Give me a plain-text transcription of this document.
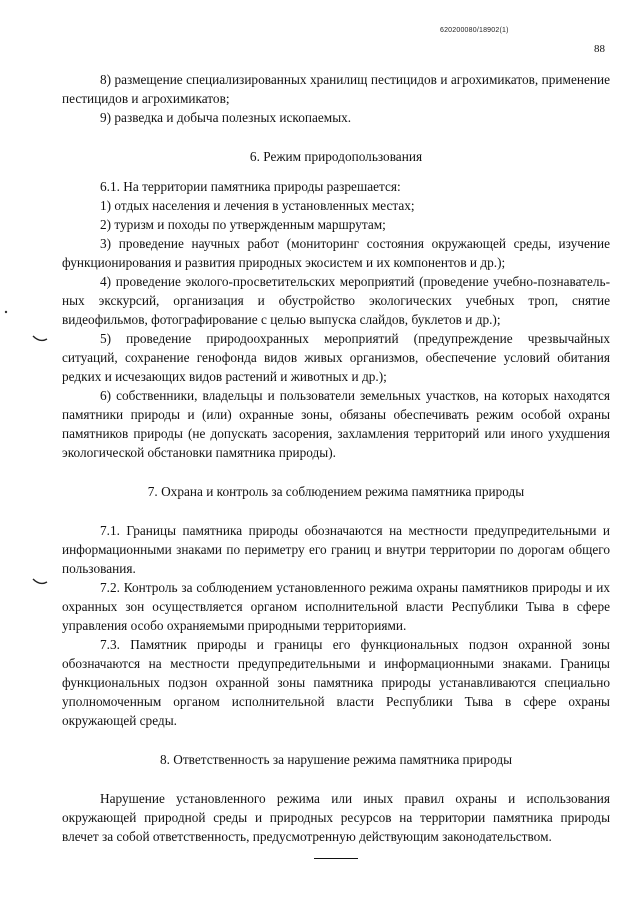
620200080/18902(1)
88

8) размещение специализированных хранилищ пестицидов и агрохимикатов, применение пестицидов и агрохимикатов;

9) разведка и добыча полезных ископаемых.

6. Режим природопользования

6.1. На территории памятника природы разрешается:

1) отдых населения и лечения в установленных местах;

2) туризм и походы по утвержденным маршрутам;

3) проведение научных работ (мониторинг состояния окружающей среды, изучение функционирования и развития природных экосистем и их компонентов и др.);

4) проведение эколого-просветительских мероприятий (проведение учебно-познаватель-ных экскурсий, организация и обустройство экологических учебных троп, снятие видеофильмов, фотографирование с целью выпуска слайдов, буклетов и др.);

5) проведение природоохранных мероприятий (предупреждение чрезвычайных ситуаций, сохранение генофонда видов живых организмов, обеспечение условий обитания редких и исчезающих видов растений и животных и др.);

6) собственники, владельцы и пользователи земельных участков, на которых находятся памятники природы и (или) охранные зоны, обязаны обеспечивать режим особой охраны памятников природы (не допускать засорения, захламления территорий или иного ухудшения экологической обстановки памятника природы).

7. Охрана и контроль за соблюдением режима памятника природы

7.1. Границы памятника природы обозначаются на местности предупредительными и информационными знаками по периметру его границ и внутри территории по дорогам общего пользования.

7.2. Контроль за соблюдением установленного режима охраны памятников природы и их охранных зон осуществляется органом исполнительной власти Республики Тыва в сфере управления особо охраняемыми природными территориями.

7.3. Памятник природы и границы его функциональных подзон охранной зоны обозначаются на местности предупредительными и информационными знаками. Границы функциональных подзон охранной зоны памятника природы устанавливаются специально уполномоченным органом исполнительной власти Республики Тыва в сфере охраны окружающей среды.

8. Ответственность за нарушение режима памятника природы

Нарушение установленного режима или иных правил охраны и использования окружающей природной среды и природных ресурсов на территории памятника природы влечет за собой ответственность, предусмотренную действующим законодательством.
